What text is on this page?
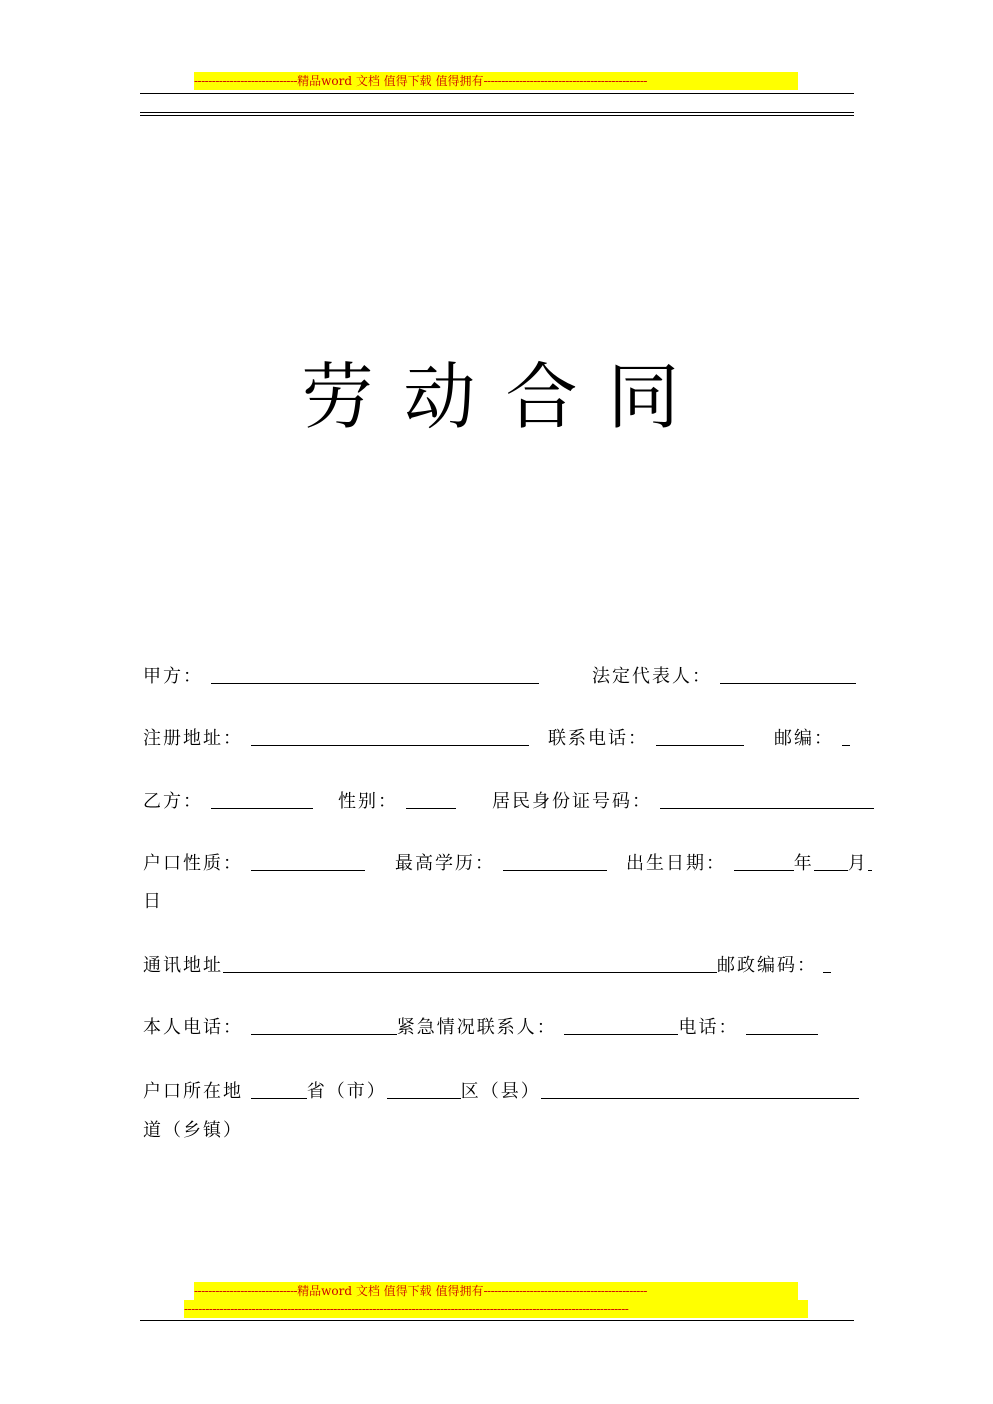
-----------------------------精品word 文档 值得下载 值得拥有----------------------------------------------
劳动合同
甲方：	法定代表人：
注册地址：	联系电话：	邮编：
乙方：	性别：	居民身份证号码：
户口性质：	最高学历：	出生日期：	年 月
日
通讯地址	邮政编码：
本人电话：	紧急情况联系人：	电话：
户口所在地	省（市）	区（县）
道（乡镇）
-----------------------------精品word 文档 值得下载 值得拥有----------------------------------------------
-----------------------------------------------------------------------------------------------------------------------------
